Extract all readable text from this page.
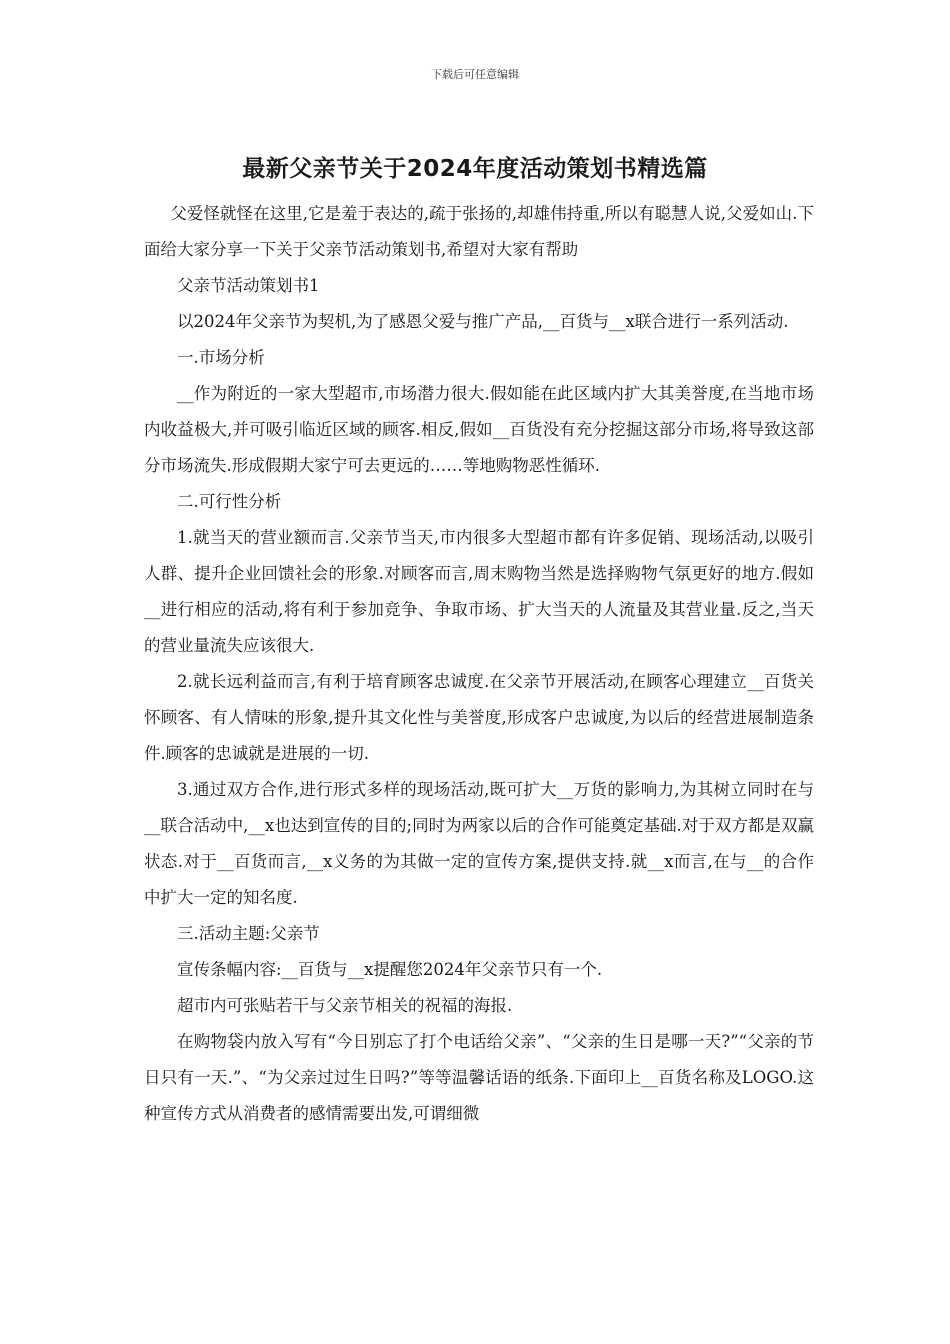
下载后可任意编辑
最新父亲节关于2024年度活动策划书精选篇

父爱怪就怪在这里,它是羞于表达的,疏于张扬的,却雄伟持重,所以有聪慧人说,父爱如山.下面给大家分享一下关于父亲节活动策划书,希望对大家有帮助

父亲节活动策划书1

以2024年父亲节为契机,为了感恩父爱与推广产品,__百货与__x联合进行一系列活动.

一.市场分析

__作为附近的一家大型超市,市场潜力很大.假如能在此区域内扩大其美誉度,在当地市场内收益极大,并可吸引临近区域的顾客.相反,假如__百货没有充分挖掘这部分市场,将导致这部分市场流失.形成假期大家宁可去更远的……等地购物恶性循环.

二.可行性分析

1.就当天的营业额而言.父亲节当天,市内很多大型超市都有许多促销、现场活动,以吸引人群、提升企业回馈社会的形象.对顾客而言,周末购物当然是选择购物气氛更好的地方.假如__进行相应的活动,将有利于参加竞争、争取市场、扩大当天的人流量及其营业量.反之,当天的营业量流失应该很大.

2.就长远利益而言,有利于培育顾客忠诚度.在父亲节开展活动,在顾客心理建立__百货关怀顾客、有人情味的形象,提升其文化性与美誉度,形成客户忠诚度,为以后的经营进展制造条件.顾客的忠诚就是进展的一切.

3.通过双方合作,进行形式多样的现场活动,既可扩大__万货的影响力,为其树立同时在与__联合活动中,__x也达到宣传的目的;同时为两家以后的合作可能奠定基础.对于双方都是双赢状态.对于__百货而言,__x义务的为其做一定的宣传方案,提供支持.就__x而言,在与__的合作中扩大一定的知名度.

三.活动主题:父亲节

宣传条幅内容:__百货与__x提醒您2024年父亲节只有一个.

超市内可张贴若干与父亲节相关的祝福的海报.

在购物袋内放入写有“今日别忘了打个电话给父亲”、“父亲的生日是哪一天?”“父亲的节日只有一天.”、“为父亲过过生日吗?”等等温馨话语的纸条.下面印上__百货名称及LOGO.这种宣传方式从消费者的感情需要出发,可谓细微
